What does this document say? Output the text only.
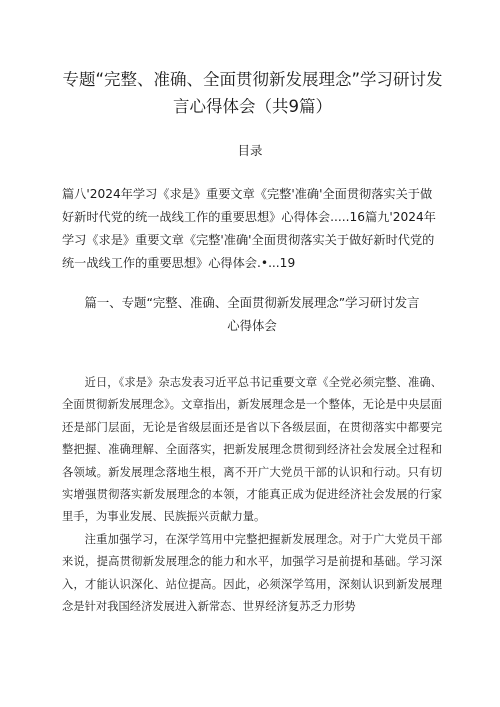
专题“完整、准确、全面贯彻新发展理念”学习研讨发言心得体会（共9篇）
目录
篇八'2024年学习《求是》重要文章《完整'准确'全面贯彻落实关于做好新时代党的统一战线工作的重要思想》心得体会.....16篇九'2024年学习《求是》重要文章《完整'准确'全面贯彻落实关于做好新时代党的统一战线工作的重要思想》心得体会.•...19
篇一、专题“完整、准确、全面贯彻新发展理念”学习研讨发言心得体会

近日，《求是》杂志发表习近平总书记重要文章《全党必须完整、准确、全面贯彻新发展理念》。文章指出，新发展理念是一个整体，无论是中央层面还是部门层面，无论是省级层面还是省以下各级层面，在贯彻落实中都要完整把握、准确理解、全面落实，把新发展理念贯彻到经济社会发展全过程和各领域。新发展理念落地生根，离不开广大党员干部的认识和行动。只有切实增强贯彻落实新发展理念的本领，才能真正成为促进经济社会发展的行家里手，为事业发展、民族振兴贡献力量。

注重加强学习，在深学笃用中完整把握新发展理念。对于广大党员干部来说，提高贯彻新发展理念的能力和水平，加强学习是前提和基础。学习深入，才能认识深化、站位提高。因此，必须深学笃用，深刻认识到新发展理念是针对我国经济发展进入新常态、世界经济复苏乏力形势
